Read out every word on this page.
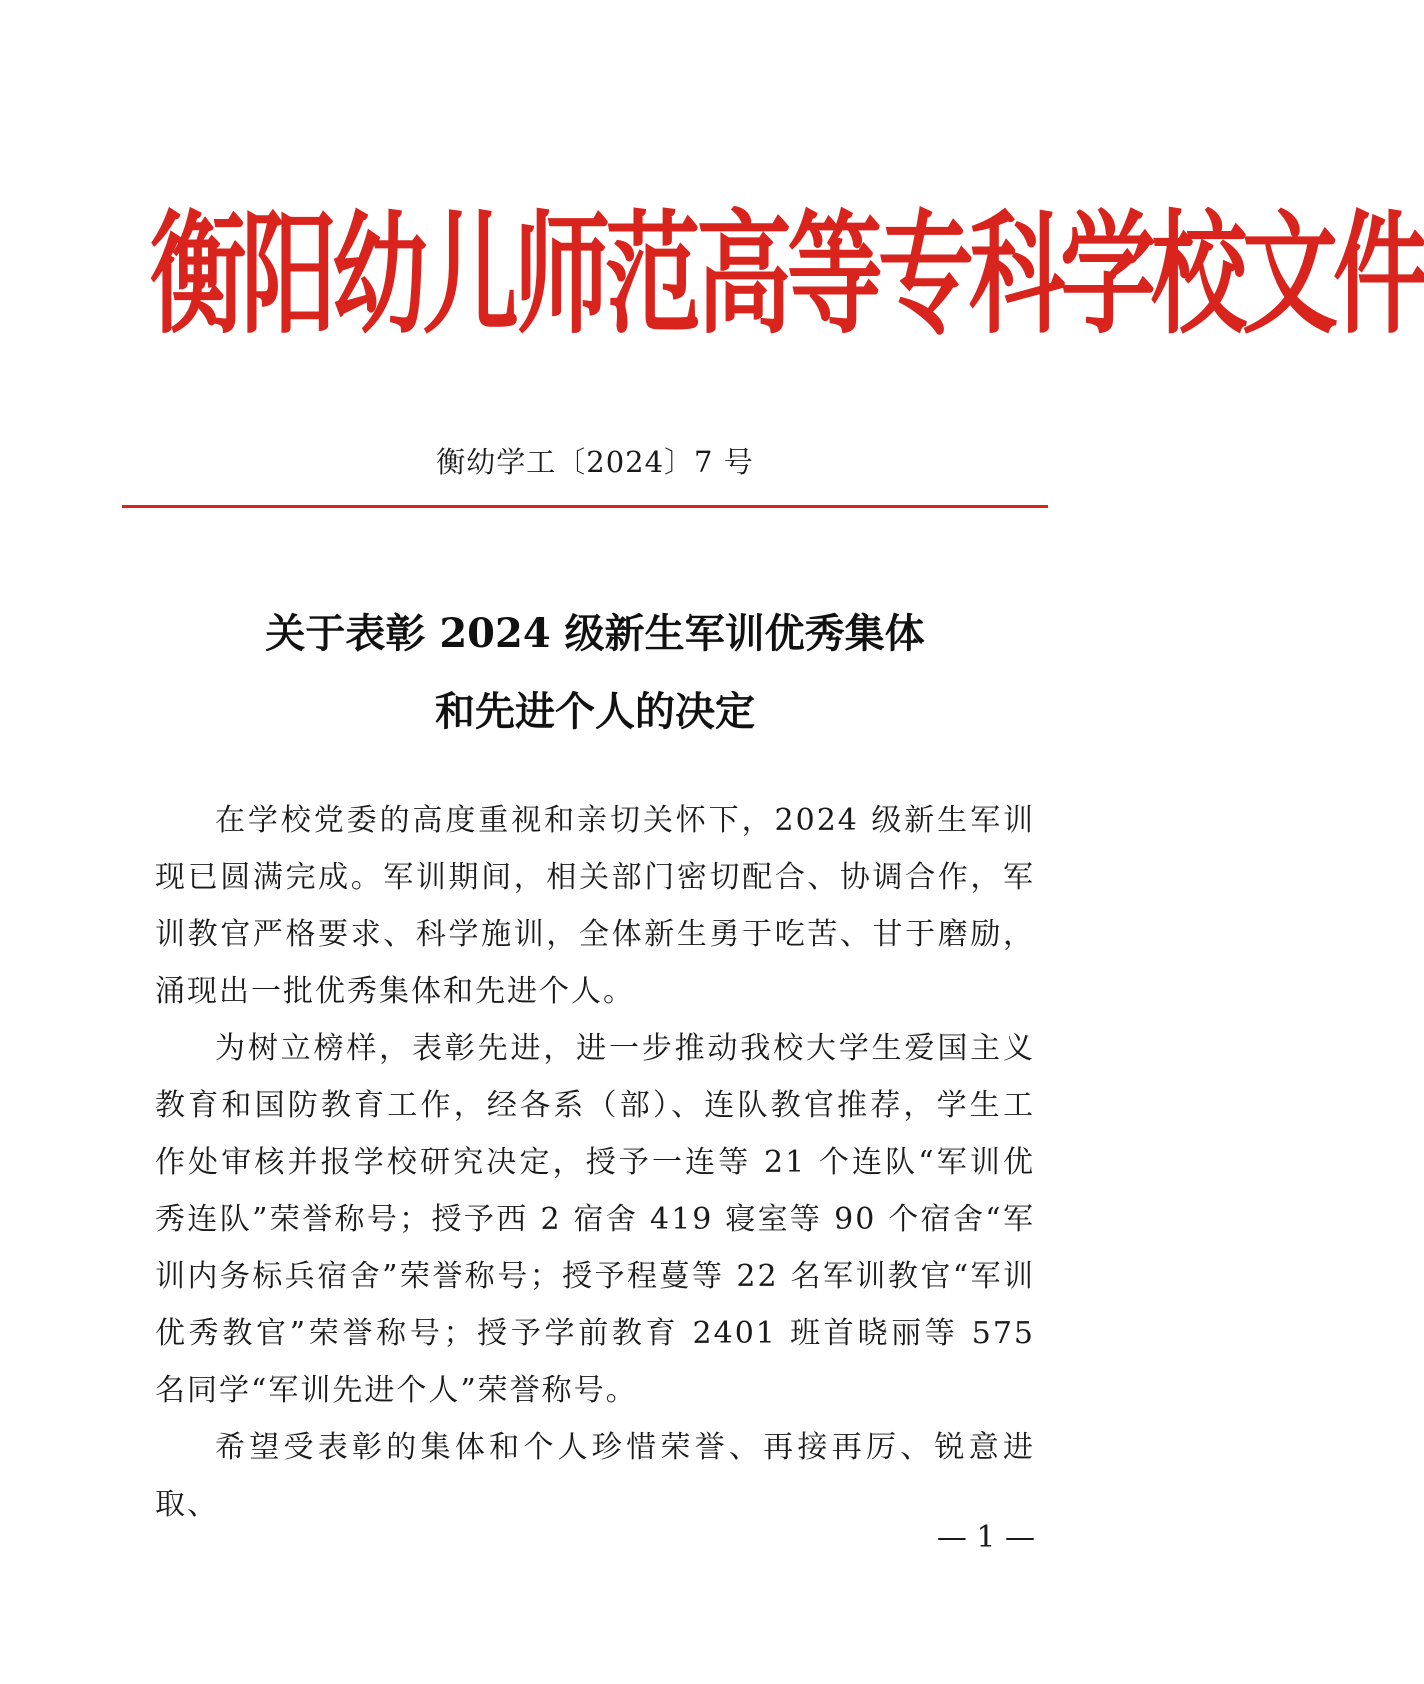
衡阳幼儿师范高等专科学校文件
衡幼学工〔2024〕7 号
关于表彰 2024 级新生军训优秀集体
和先进个人的决定

在学校党委的高度重视和亲切关怀下，2024 级新生军训现已圆满完成。军训期间，相关部门密切配合、协调合作，军训教官严格要求、科学施训，全体新生勇于吃苦、甘于磨励，涌现出一批优秀集体和先进个人。

为树立榜样，表彰先进，进一步推动我校大学生爱国主义教育和国防教育工作，经各系（部）、连队教官推荐，学生工作处审核并报学校研究决定，授予一连等 21 个连队“军训优秀连队”荣誉称号；授予西 2 宿舍 419 寝室等 90 个宿舍“军训内务标兵宿舍”荣誉称号；授予程蔓等 22 名军训教官“军训优秀教官”荣誉称号；授予学前教育 2401 班首晓丽等 575 名同学“军训先进个人”荣誉称号。

希望受表彰的集体和个人珍惜荣誉、再接再厉、锐意进取、

— 1 —
